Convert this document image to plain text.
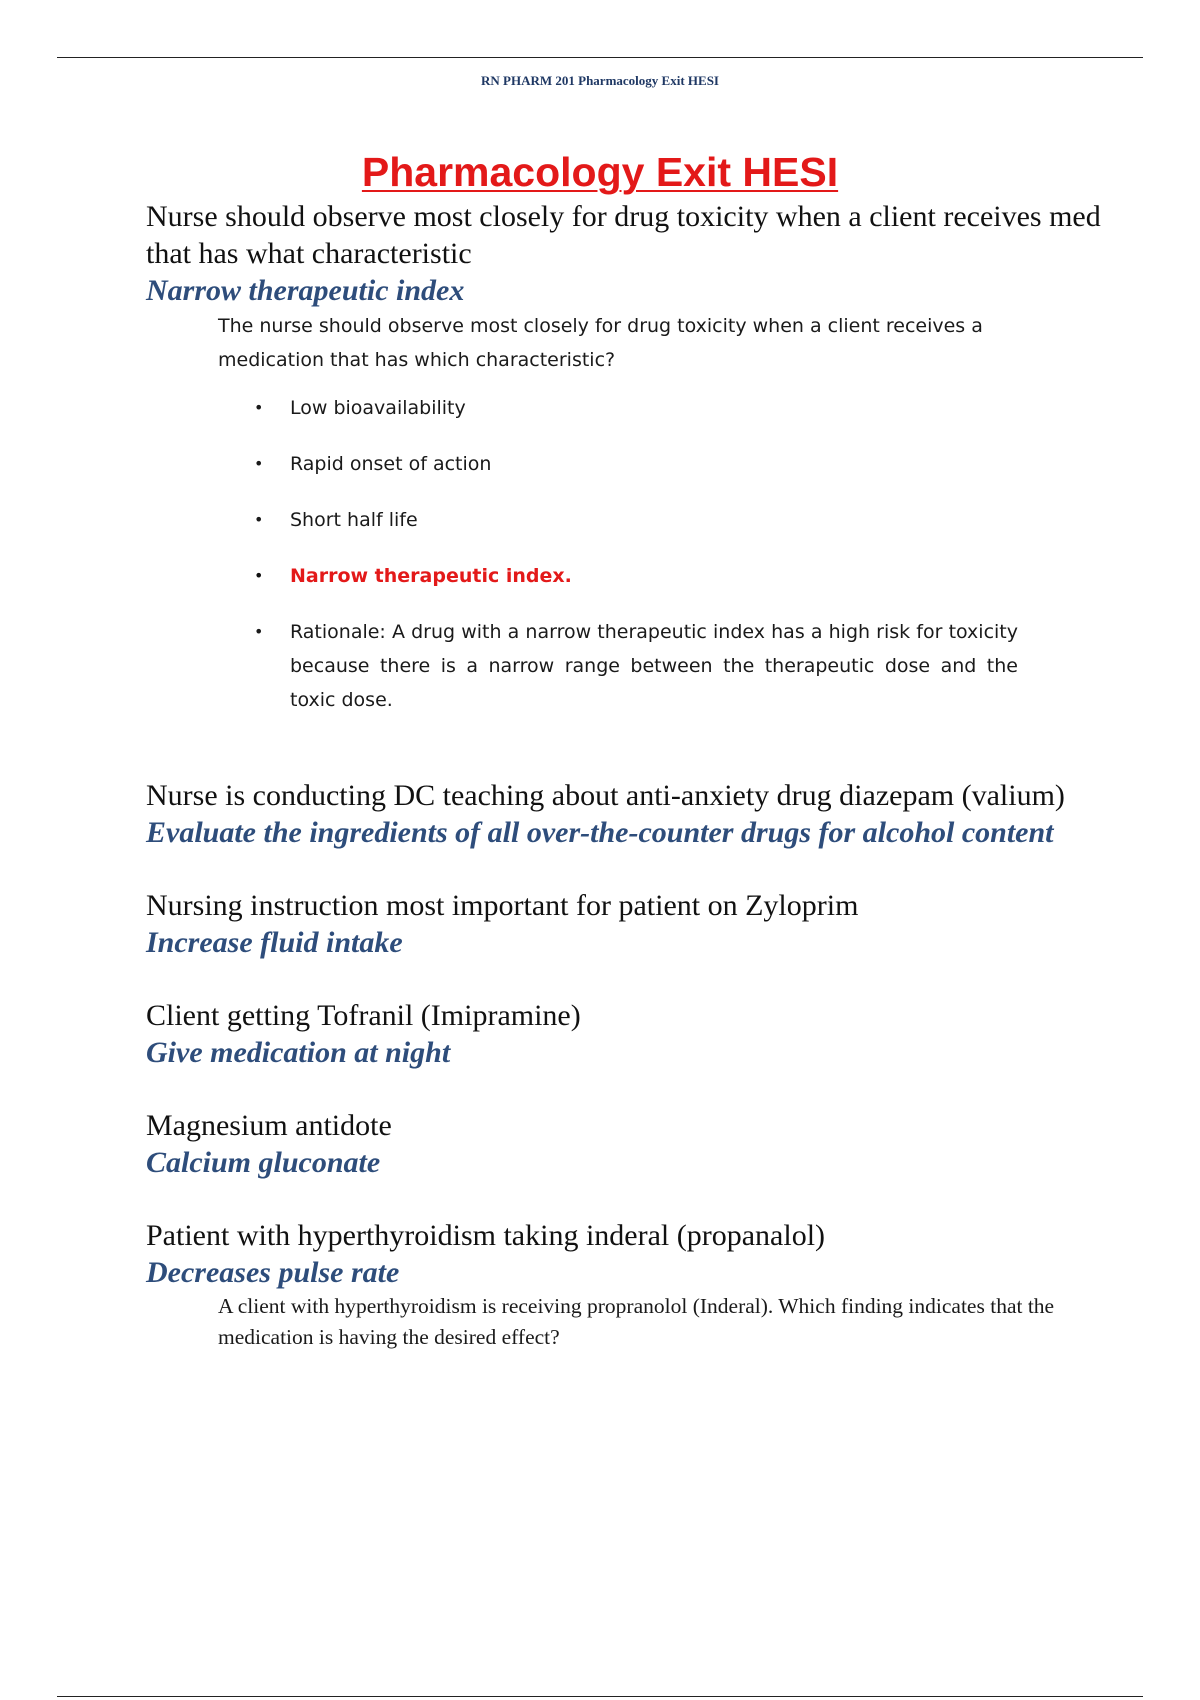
RN PHARM 201 Pharmacology Exit HESI
Pharmacology Exit HESI

Nurse should observe most closely for drug toxicity when a client receives med that has what characteristic

Narrow therapeutic index

The nurse should observe most closely for drug toxicity when a client receives a medication that has which characteristic?
• Low bioavailability
• Rapid onset of action
• Short half life
• Narrow therapeutic index.
• Rationale: A drug with a narrow therapeutic index has a high risk for toxicity because there is a narrow range between the therapeutic dose and the toxic dose.

Nurse is conducting DC teaching about anti-anxiety drug diazepam (valium)

Evaluate the ingredients of all over-the-counter drugs for alcohol content

Nursing instruction most important for patient on Zyloprim

Increase fluid intake

Client getting Tofranil (Imipramine)

Give medication at night

Magnesium antidote

Calcium gluconate

Patient with hyperthyroidism taking inderal (propanalol)

Decreases pulse rate

A client with hyperthyroidism is receiving propranolol (Inderal). Which finding indicates that the medication is having the desired effect?
